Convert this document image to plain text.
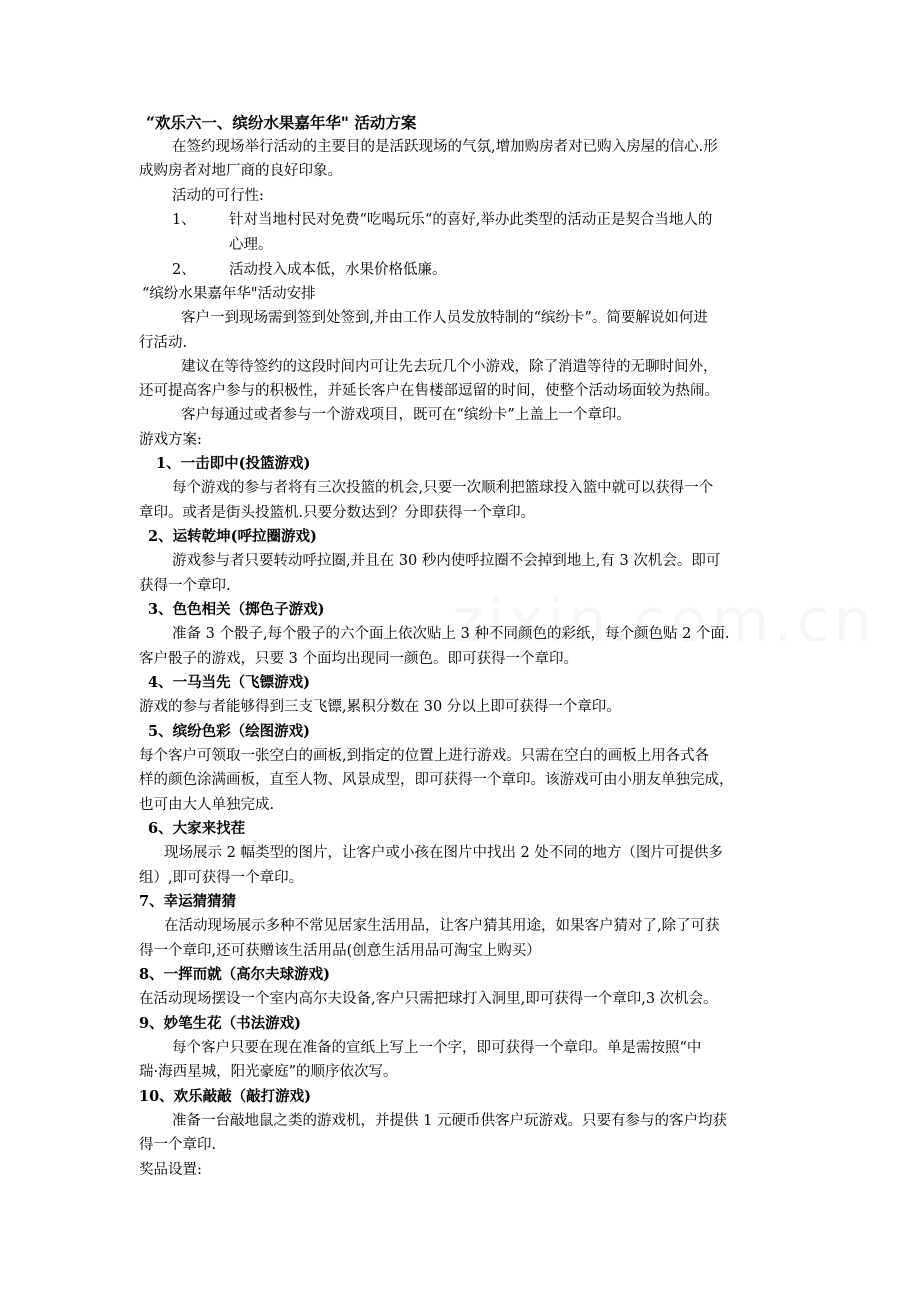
“欢乐六一、缤纷水果嘉年华" 活动方案
在签约现场举行活动的主要目的是活跃现场的气氛,增加购房者对已购入房屋的信心.形
成购房者对地厂商的良好印象。
活动的可行性:
1、 针对当地村民对免费“吃喝玩乐“的喜好,举办此类型的活动正是契合当地人的
心理。
2、 活动投入成本低，水果价格低廉。
“缤纷水果嘉年华"活动安排
客户一到现场需到签到处签到,并由工作人员发放特制的“缤纷卡”。简要解说如何进
行活动.
建议在等待签约的这段时间内可让先去玩几个小游戏，除了消遣等待的无聊时间外，
还可提高客户参与的积极性，并延长客户在售楼部逗留的时间，使整个活动场面较为热闹。
客户每通过或者参与一个游戏项目，既可在“缤纷卡”上盖上一个章印。
游戏方案:
1、一击即中(投篮游戏)
每个游戏的参与者将有三次投篮的机会,只要一次顺利把篮球投入篮中就可以获得一个
章印。或者是街头投篮机.只要分数达到？分即获得一个章印。
2、运转乾坤(呼拉圈游戏)
游戏参与者只要转动呼拉圈,并且在 30 秒内使呼拉圈不会掉到地上,有 3 次机会。即可
获得一个章印.
3、色色相关（掷色子游戏)
准备 3 个骰子,每个骰子的六个面上依次贴上 3 种不同颜色的彩纸，每个颜色贴 2 个面.
客户骰子的游戏，只要 3 个面均出现同一颜色。即可获得一个章印。
4、一马当先（飞镖游戏)
游戏的参与者能够得到三支飞镖,累积分数在 30 分以上即可获得一个章印。
5、缤纷色彩（绘图游戏)
每个客户可领取一张空白的画板,到指定的位置上进行游戏。只需在空白的画板上用各式各
样的颜色涂满画板，直至人物、风景成型，即可获得一个章印。该游戏可由小朋友单独完成，
也可由大人单独完成.
6、大家来找茬
现场展示 2 幅类型的图片，让客户或小孩在图片中找出 2 处不同的地方（图片可提供多
组）,即可获得一个章印。
7、幸运猜猜猜
在活动现场展示多种不常见居家生活用品，让客户猜其用途，如果客户猜对了,除了可获
得一个章印,还可获赠该生活用品(创意生活用品可淘宝上购买）
8、一挥而就（高尔夫球游戏)
在活动现场摆设一个室内高尔夫设备,客户只需把球打入洞里,即可获得一个章印,3 次机会。
9、妙笔生花（书法游戏)
每个客户只要在现在准备的宣纸上写上一个字，即可获得一个章印。单是需按照“中
瑞·海西星城，阳光豪庭”的顺序依次写。
10、欢乐敲敲（敲打游戏)
准备一台敲地鼠之类的游戏机，并提供 1 元硬币供客户玩游戏。只要有参与的客户均获
得一个章印.
奖品设置:
